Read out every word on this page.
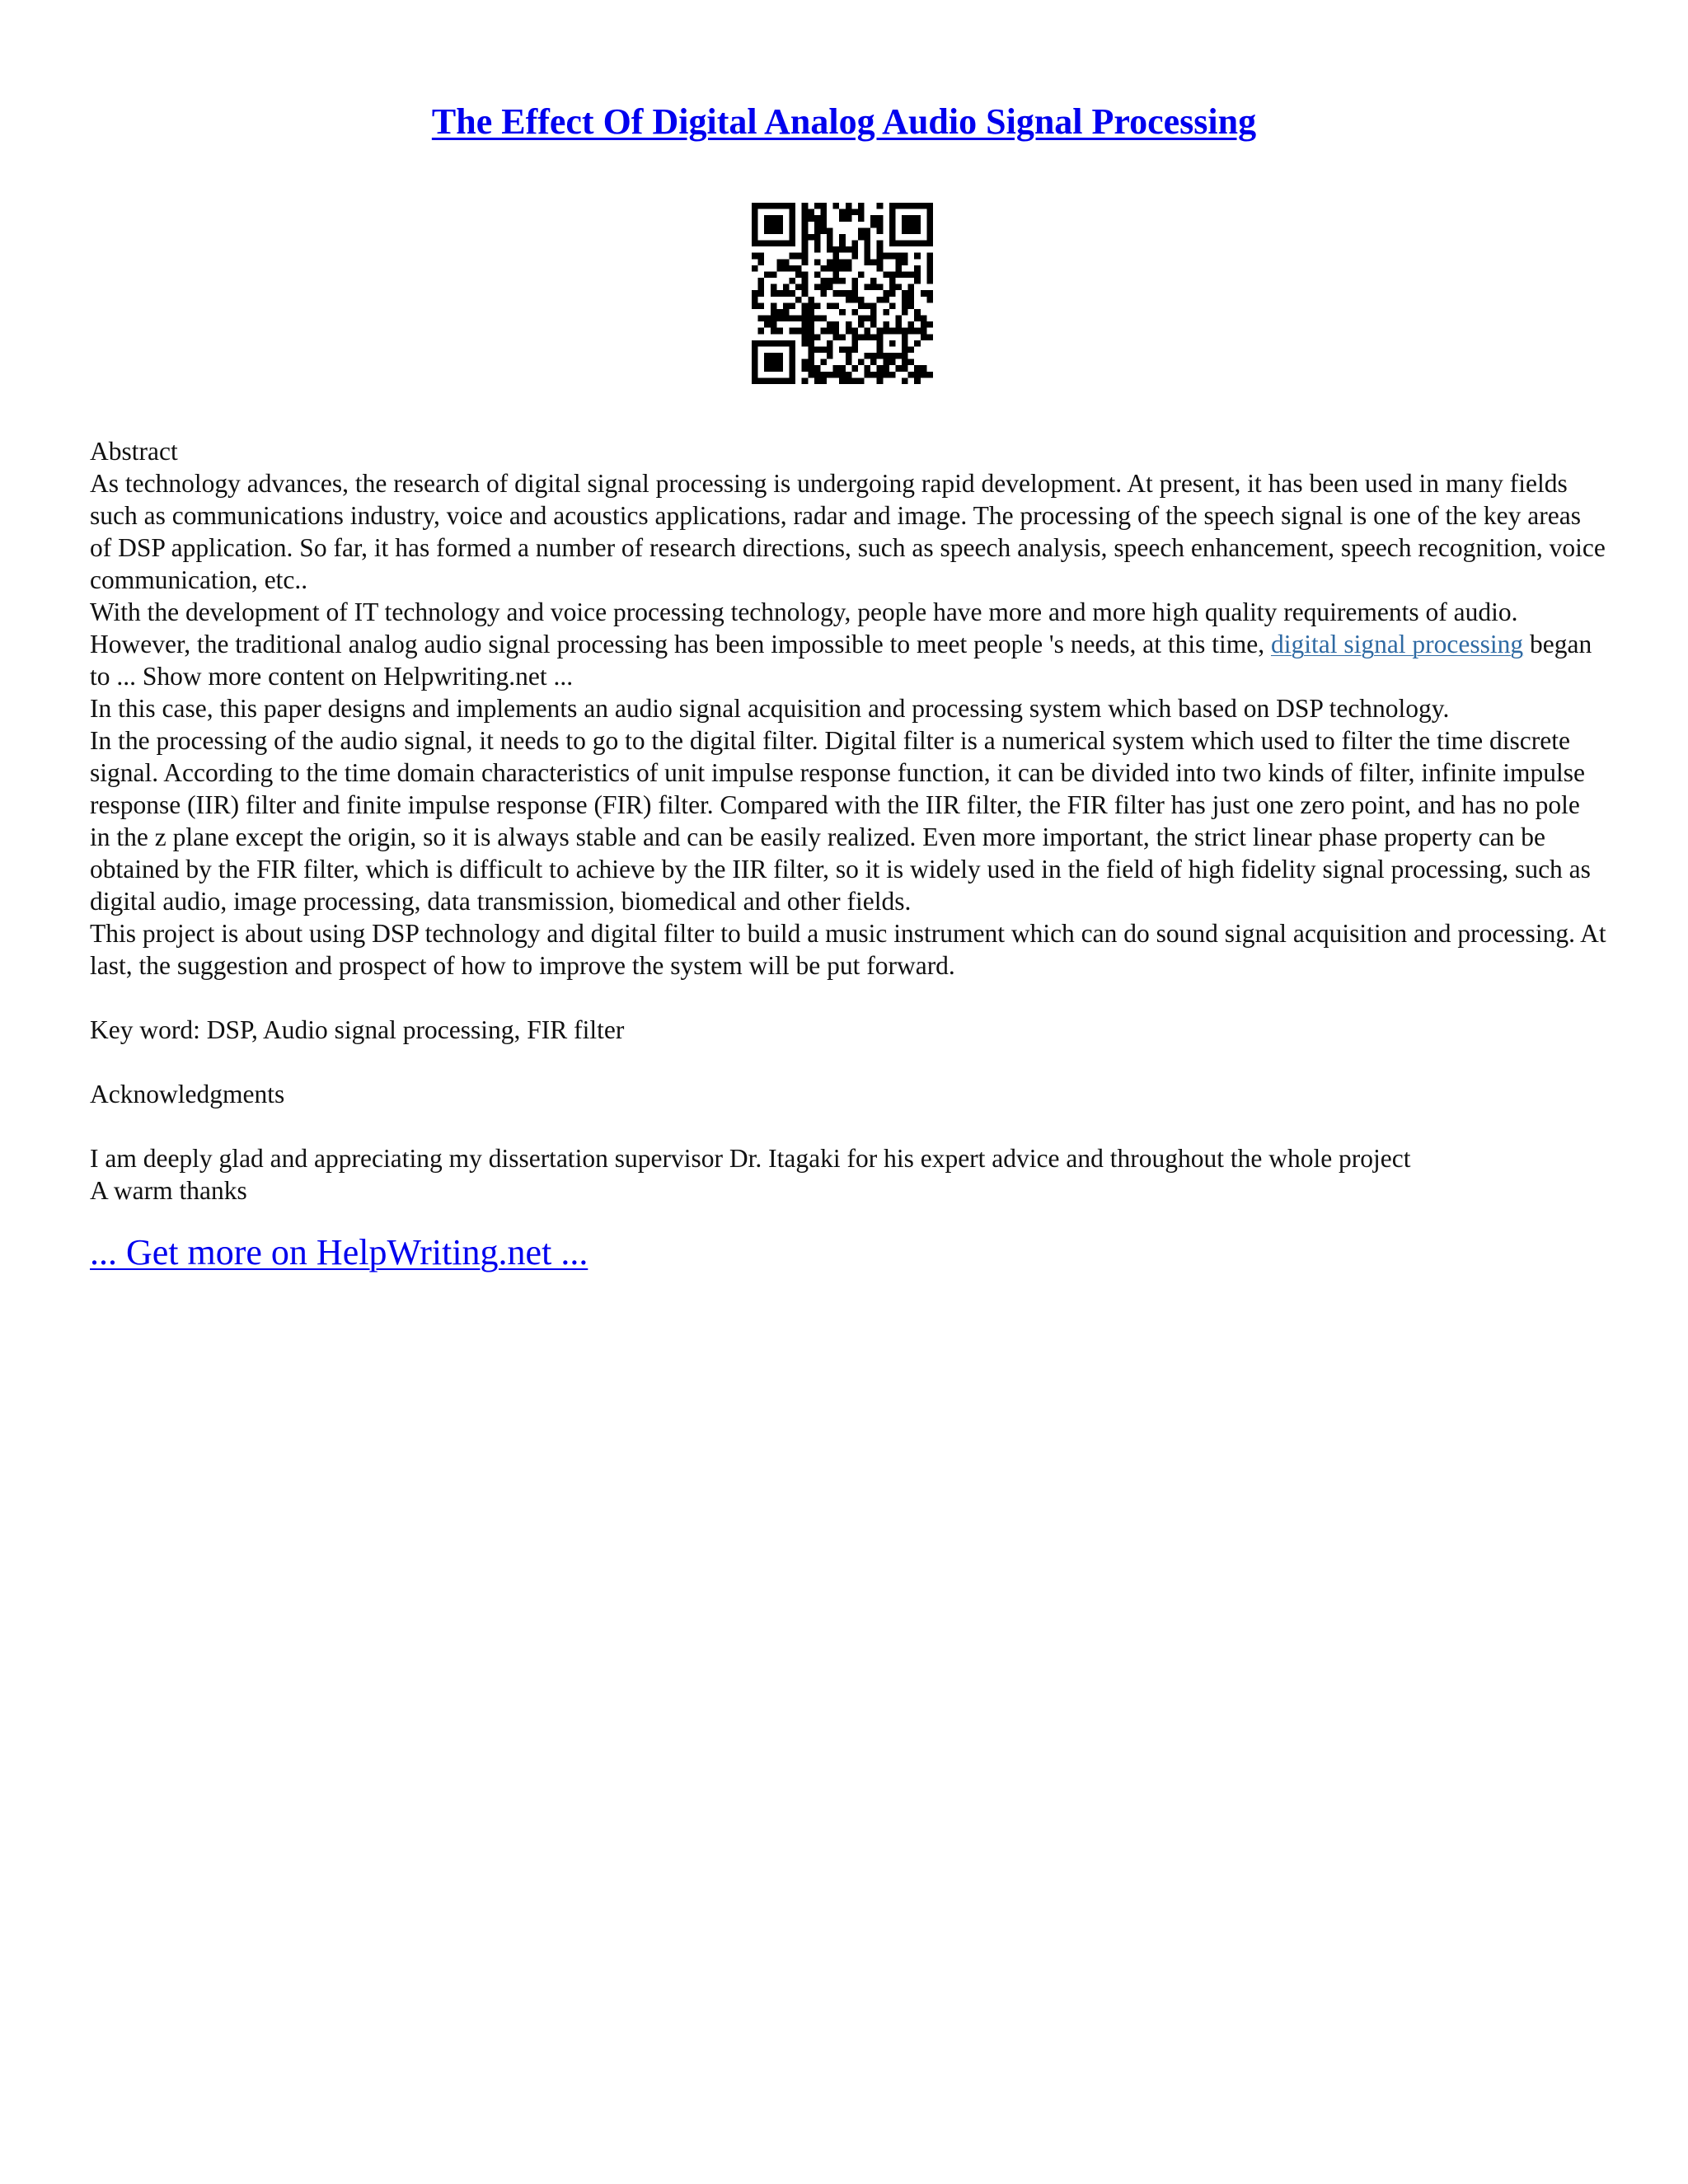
The Effect Of Digital Analog Audio Signal Processing

Abstract

As technology advances, the research of digital signal processing is undergoing rapid development. At present, it has been used in many fields such as communications industry, voice and acoustics applications, radar and image. The processing of the speech signal is one of the key areas of DSP application. So far, it has formed a number of research directions, such as speech analysis, speech enhancement, speech recognition, voice communication, etc..

With the development of IT technology and voice processing technology, people have more and more high quality requirements of audio. However, the traditional analog audio signal processing has been impossible to meet people 's needs, at this time, digital signal processing began to ... Show more content on Helpwriting.net ...

In this case, this paper designs and implements an audio signal acquisition and processing system which based on DSP technology.

In the processing of the audio signal, it needs to go to the digital filter. Digital filter is a numerical system which used to filter the time discrete signal. According to the time domain characteristics of unit impulse response function, it can be divided into two kinds of filter, infinite impulse response (IIR) filter and finite impulse response (FIR) filter. Compared with the IIR filter, the FIR filter has just one zero point, and has no pole in the z plane except the origin, so it is always stable and can be easily realized. Even more important, the strict linear phase property can be obtained by the FIR filter, which is difficult to achieve by the IIR filter, so it is widely used in the field of high fidelity signal processing, such as digital audio, image processing, data transmission, biomedical and other fields.

This project is about using DSP technology and digital filter to build a music instrument which can do sound signal acquisition and processing. At last, the suggestion and prospect of how to improve the system will be put forward.

Key word: DSP, Audio signal processing, FIR filter

Acknowledgments

I am deeply glad and appreciating my dissertation supervisor Dr. Itagaki for his expert advice and throughout the whole project

A warm thanks

... Get more on HelpWriting.net ...
